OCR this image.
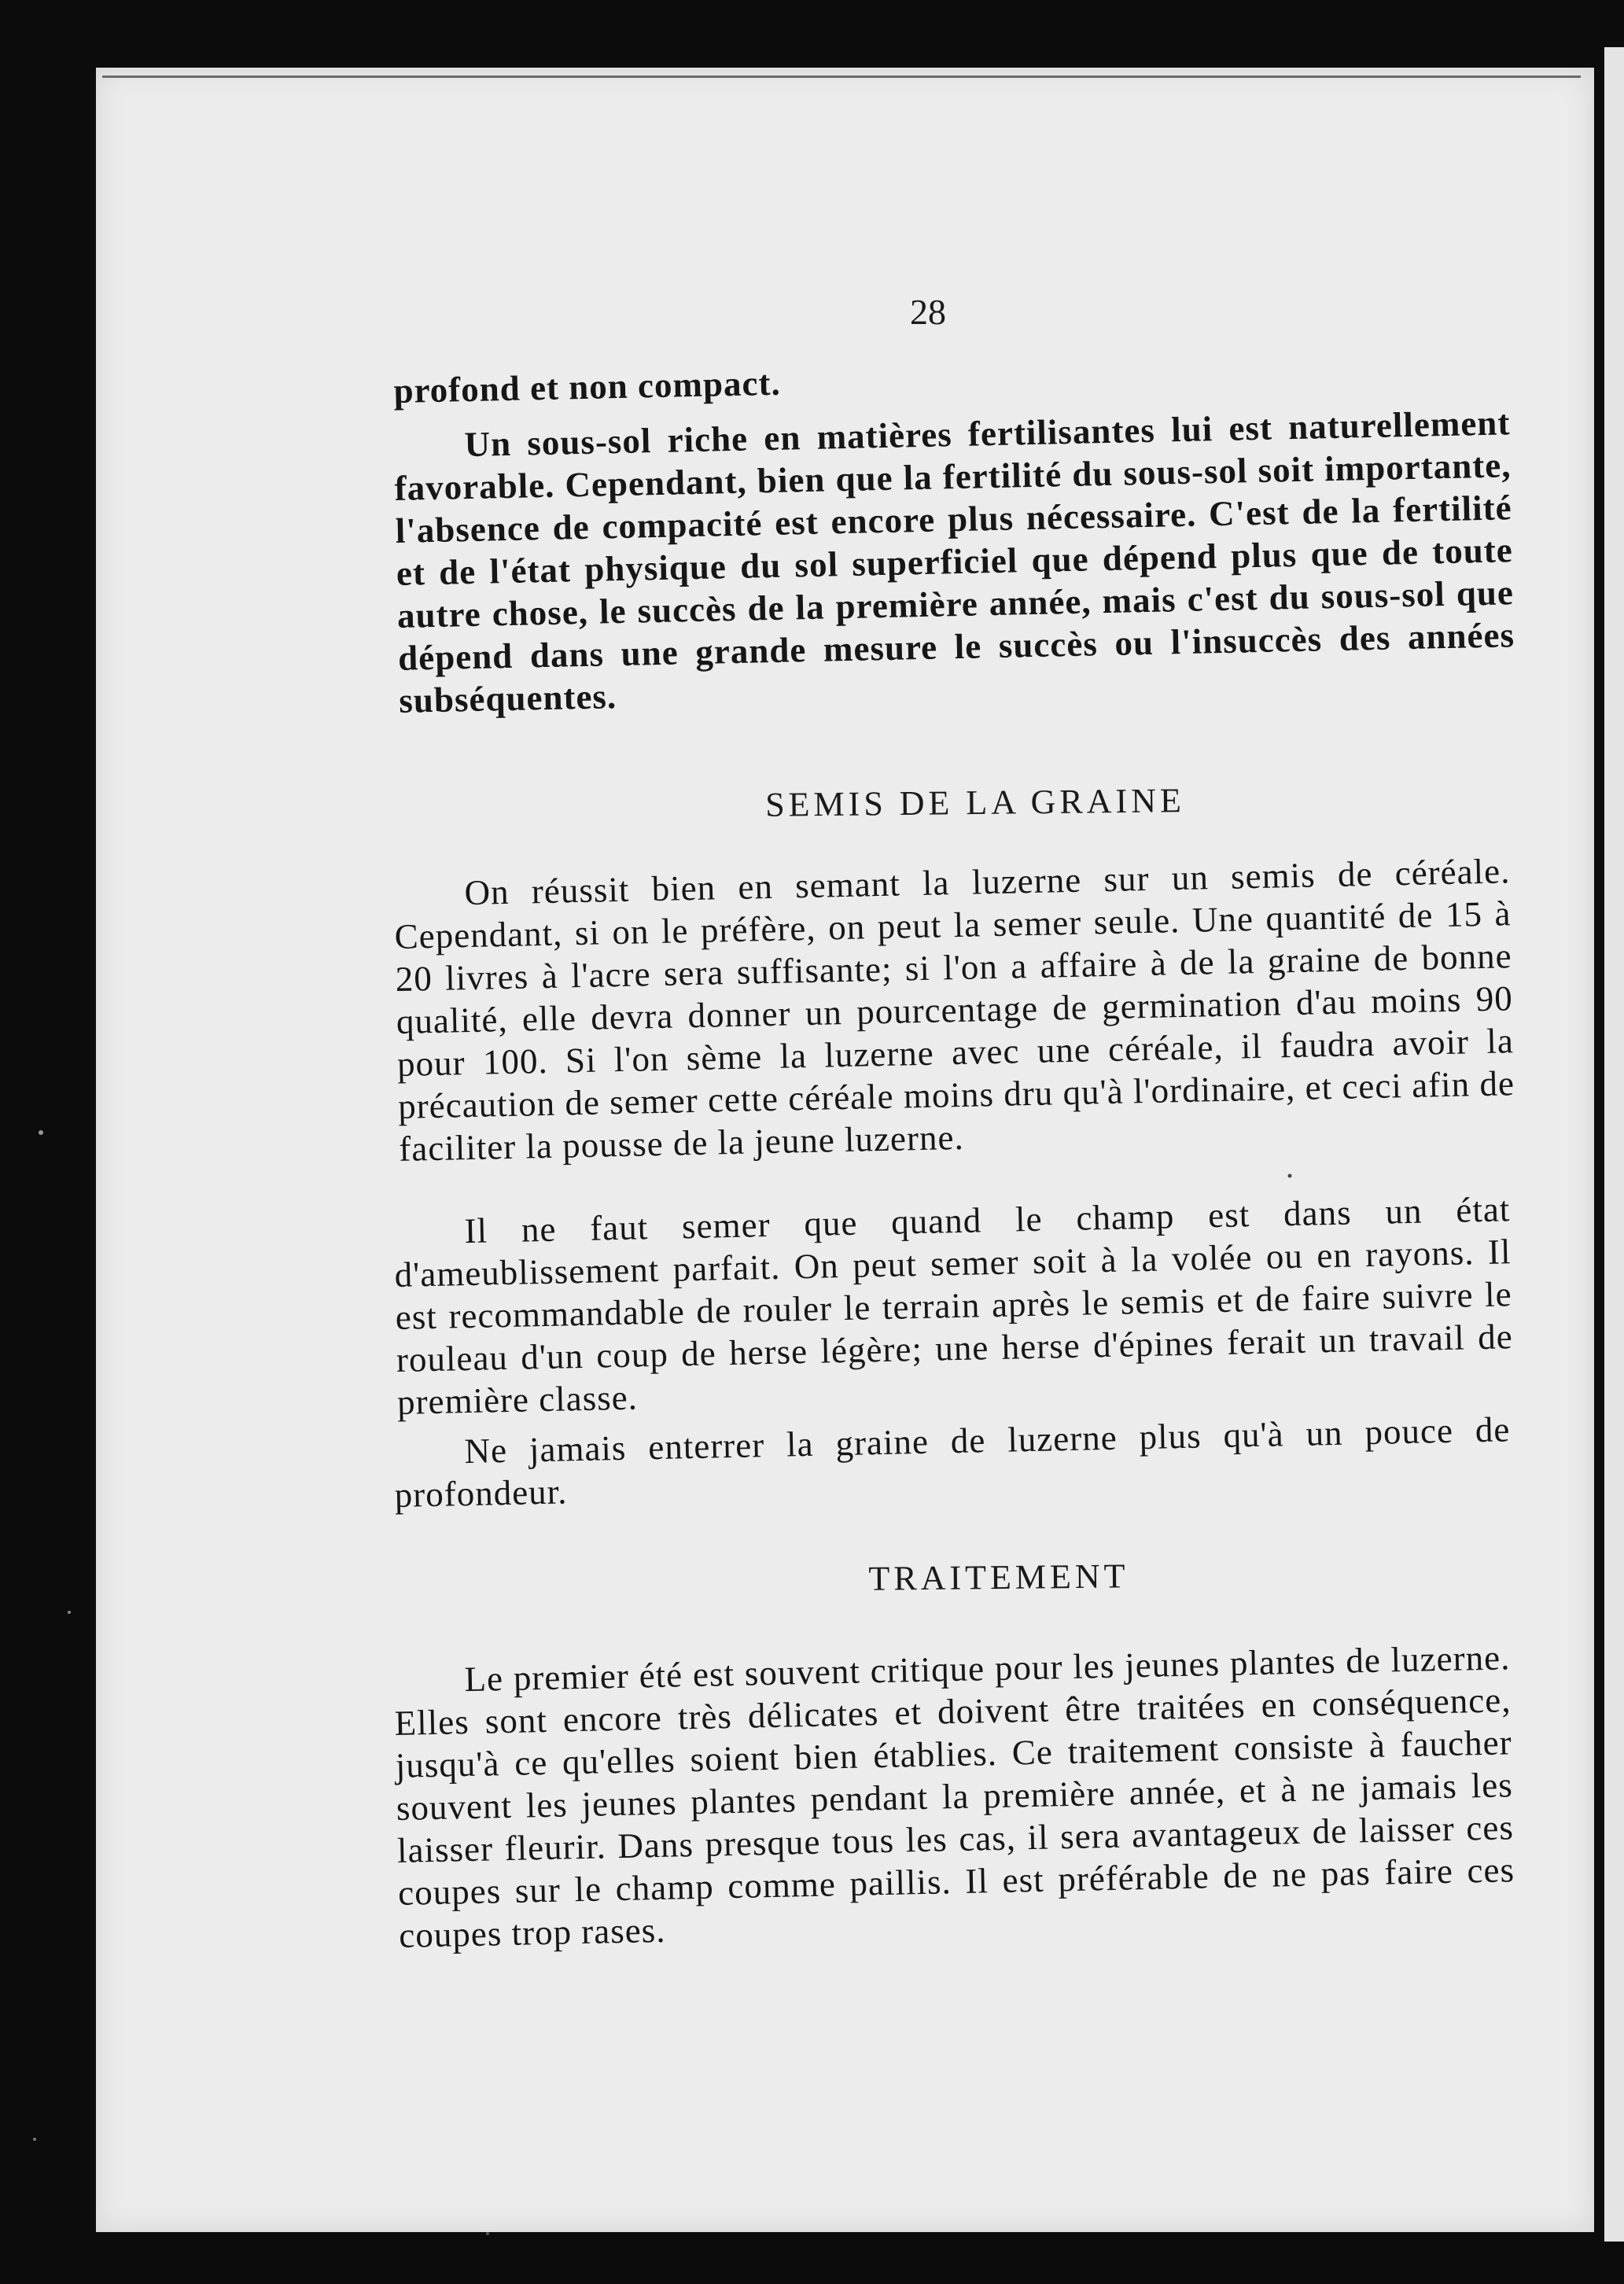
28

profond et non compact.

Un sous-sol riche en matières fertilisantes lui est naturellement favorable. Cependant, bien que la fertilité du sous-sol soit importante, l'absence de compacité est encore plus nécessaire. C'est de la fertilité et de l'état physique du sol superficiel que dépend plus que de toute autre chose, le succès de la première année, mais c'est du sous-sol que dépend dans une grande mesure le succès ou l'insuccès des années subséquentes.

SEMIS DE LA GRAINE

On réussit bien en semant la luzerne sur un semis de céréale. Cependant, si on le préfère, on peut la semer seule. Une quantité de 15 à 20 livres à l'acre sera suffisante; si l'on a affaire à de la graine de bonne qualité, elle devra donner un pourcentage de germination d'au moins 90 pour 100. Si l'on sème la luzerne avec une céréale, il faudra avoir la précaution de semer cette céréale moins dru qu'à l'ordinaire, et ceci afin de faciliter la pousse de la jeune luzerne.

Il ne faut semer que quand le champ est dans un état d'ameublissement parfait. On peut semer soit à la volée ou en rayons. Il est recommandable de rouler le terrain après le semis et de faire suivre le rouleau d'un coup de herse légère; une herse d'épines ferait un travail de première classe.

Ne jamais enterrer la graine de luzerne plus qu'à un pouce de profondeur.

TRAITEMENT

Le premier été est souvent critique pour les jeunes plantes de luzerne. Elles sont encore très délicates et doivent être traitées en conséquence, jusqu'à ce qu'elles soient bien établies. Ce traitement consiste à faucher souvent les jeunes plantes pendant la première année, et à ne jamais les laisser fleurir. Dans presque tous les cas, il sera avantageux de laisser ces coupes sur le champ comme paillis. Il est préférable de ne pas faire ces coupes trop rases.
